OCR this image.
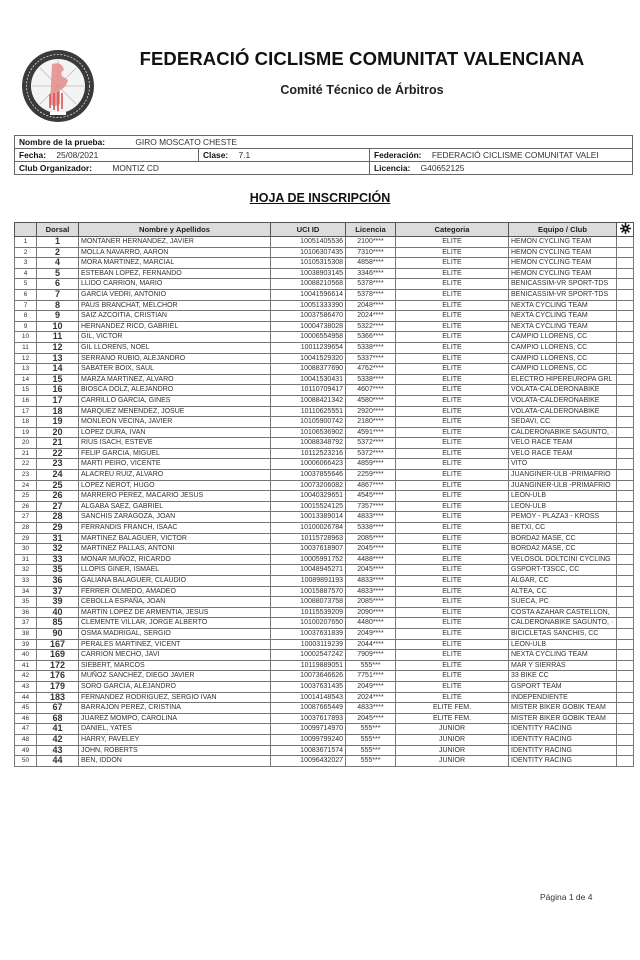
FEDERACIÓ CICLISME COMUNITAT VALENCIANA
Comité Técnico de Árbitros
Nombre de la prueba: GIRO MOSCATO CHESTE		
Fecha: 25/08/2021	Clase: 7.1	Federación: FEDERACIÓ CICLISME COMUNITAT VALEI
Club Organizador: MONTIZ CD		Licencia: G40652125
HOJA DE INSCRIPCIÓN
	Dorsal	Nombre y Apellidos	UCI ID	Licencia	Categoria	Equipo / Club	
1	1	MONTANER HERNANDEZ, JAVIER	10051405536	2100****	ELITE	HEMON CYCLING TEAM	
2	2	MOLLA NAVARRO, AARON	10106307435	7310****	ELITE	HEMON CYCLING TEAM	
3	4	MORA MARTINEZ, MARCIAL	10105315308	4858****	ELITE	HEMON CYCLING TEAM	
4	5	ESTEBAN LOPEZ, FERNANDO	10038903145	3346****	ELITE	HEMON CYCLING TEAM	
5	6	LLIDO CARRION, MARIO	10088210568	5378****	ELITE	BENICASSIM-VR SPORT-TDS	
6	7	GARCIA VEDRI, ANTONIO	10041596614	5378****	ELITE	BENICASSIM-VR SPORT-TDS	
7	8	PAUS BRANCHAT, MELCHOR	10051333390	2048****	ELITE	NEXTA CYCLING TEAM	
8	9	SAIZ AZCOITIA, CRISTIAN	10037586470	2024****	ELITE	NEXTA CYCLING TEAM	
9	10	HERNANDEZ RICO, GABRIEL	10004738028	5322****	ELITE	NEXTA CYCLING TEAM	
10	11	GIL, VICTOR	10006554958	5366****	ELITE	CAMPIO LLORENS, CC	
11	12	GIL LLORENS, NOEL	10011239654	5338****	ELITE	CAMPIO LLORENS, CC	
12	13	SERRANO RUBIO, ALEJANDRO	10041529320	5337****	ELITE	CAMPIO LLORENS, CC	
13	14	SABATER BOIX, SAUL	10088377690	4762****	ELITE	CAMPIO LLORENS, CC	
14	15	MARZA MARTINEZ, ALVARO	10041530431	5338****	ELITE	ELECTRO HIPEREUROPA GRL	
15	16	BIOSCA DOLZ, ALEJANDRO	10110709417	4607****	ELITE	VOLATA-CALDERONABIKE	
16	17	CARRILLO GARCIA, GINES	10088421342	4580****	ELITE	VOLATA-CALDERONABIKE	
17	18	MARQUEZ MENENDEZ, JOSUE	10110625551	2920****	ELITE	VOLATA-CALDERONABIKE	
18	19	MONLEON VECINA, JAVIER	10105900742	2180****	ELITE	SEDAVI, CC	
19	20	LOPEZ DURA, IVAN	10106536902	4591****	ELITE	CALDERONABIKE SAGUNTO, ·	
20	21	RIUS ISACH, ESTEVE	10088348792	5372****	ELITE	VELO RACE TEAM	
21	22	FELIP GARCIA, MIGUEL	10112523216	5372****	ELITE	VELO RACE TEAM	
22	23	MARTI PEIRO, VICENTE	10006066423	4859****	ELITE	VITO	
23	24	ALACREU RUIZ, ALVARO	10037855646	2259****	ELITE	JUANGINER-ULB -PRIMAFRIO	
24	25	LOPEZ NEROT, HUGO	10073206082	4867****	ELITE	JUANGINER-ULB -PRIMAFRIO	
25	26	MARRERO PEREZ, MACARIO JESUS	10040329651	4545****	ELITE	LEON-ULB	
26	27	ALGABA SAEZ, GABRIEL	10015524125	7357****	ELITE	LEON-ULB	
27	28	SANCHIS ZARAGOZA, JOAN	10013389014	4833****	ELITE	PEMOY - PLAZA3 - KROSS	
28	29	FERRANDIS FRANCH, ISAAC	10100026784	5338****	ELITE	BETXI, CC	
29	31	MARTINEZ BALAGUER, VICTOR	10115728963	2085****	ELITE	BORDA2 MASE, CC	
30	32	MARTINEZ PALLAS, ANTONI	10037618907	2045****	ELITE	BORDA2 MASE, CC	
31	33	MONAR MUÑOZ, RICARDO	10005991752	4488****	ELITE	VELOSOL DOLTCINI CYCLING	
32	35	LLOPIS GINER, ISMAEL	10048945271	2045****	ELITE	GSPORT-T3SCC, CC	
33	36	GALIANA BALAGUER, CLAUDIO	10089891193	4833****	ELITE	ALGAR, CC	
34	37	FERRER OLMEDO, AMADEO	10015887570	4833****	ELITE	ALTEA, CC	
35	39	CEBOLLA ESPAÑA, JOAN	10088073758	2085****	ELITE	SUECA, PC	
36	40	MARTIN LOPEZ DE ARMENTIA, JESUS	10115539209	2090****	ELITE	COSTA AZAHAR CASTELLON,	
37	85	CLEMENTE VILLAR, JORGE ALBERTO	10100207650	4480****	ELITE	CALDERONABIKE SAGUNTO, ·	
38	90	OSMA MADRIGAL, SERGIO	10037631839	2049****	ELITE	BICICLETAS SANCHIS, CC	
39	167	PERALES MARTINEZ, VICENT	10003119239	2044****	ELITE	LEON-ULB	
40	169	CARRION MECHO, JAVI	10002547242	7909****	ELITE	NEXTA CYCLING TEAM	
41	172	SIEBERT, MARCOS	10119889051	555***	ELITE	MAR Y SIERRAS	
42	176	MUÑOZ SANCHEZ, DIEGO JAVIER	10073646626	7751****	ELITE	33 BIKE CC	
43	179	SORO GARCIA, ALEJANDRO	10037631435	2049****	ELITE	GSPORT TEAM	
44	183	FERNANDEZ RODRIGUEZ, SERGIO IVAN	10014148543	2024****	ELITE	INDEPENDIENTE	
45	67	BARRAJON PEREZ, CRISTINA	10087665449	4833****	ELITE FEM.	MISTER BIKER GOBIK TEAM	
46	68	JUAREZ MOMPO, CAROLINA	10037617893	2045****	ELITE FEM.	MISTER BIKER GOBIK TEAM	
47	41	DANIEL, YATES	10099714970	555***	JUNIOR	IDENTITY RACING	
48	42	HARRY, PAVELEY	10099799240	555***	JUNIOR	IDENTITY RACING	
49	43	JOHN, ROBERTS	10083671574	555***	JUNIOR	IDENTITY RACING	
50	44	BEN, IDDON	10096432027	555***	JUNIOR	IDENTITY RACING	
Página 1 de 4
